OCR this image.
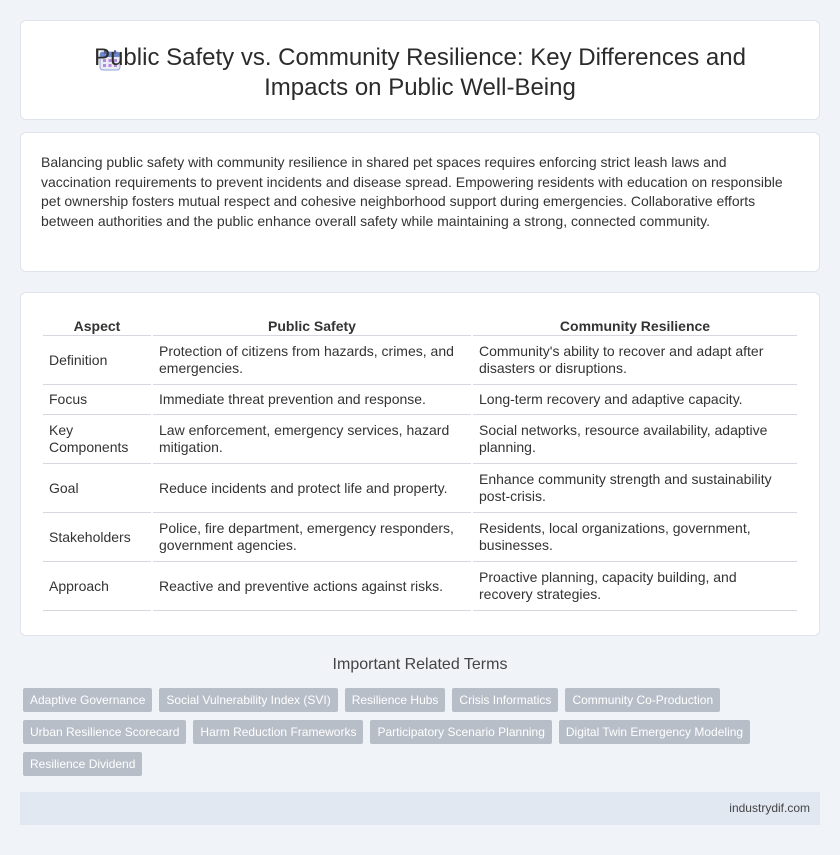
Public Safety vs. Community Resilience: Key Differences and
Impacts on Public Well-Being

Balancing public safety with community resilience in shared pet spaces requires enforcing strict leash laws and vaccination requirements to prevent incidents and disease spread. Empowering residents with education on responsible pet ownership fosters mutual respect and cohesive neighborhood support during emergencies. Collaborative efforts between authorities and the public enhance overall safety while maintaining a strong, connected community.

Aspect	Public Safety	Community Resilience
Definition	Protection of citizens from hazards, crimes, and emergencies.	Community's ability to recover and adapt after disasters or disruptions.
Focus	Immediate threat prevention and response.	Long-term recovery and adaptive capacity.
Key Components	Law enforcement, emergency services, hazard mitigation.	Social networks, resource availability, adaptive planning.
Goal	Reduce incidents and protect life and property.	Enhance community strength and sustainability post-crisis.
Stakeholders	Police, fire department, emergency responders, government agencies.	Residents, local organizations, government, businesses.
Approach	Reactive and preventive actions against risks.	Proactive planning, capacity building, and recovery strategies.
Important Related Terms
Adaptive Governance	Social Vulnerability Index (SVI)	Resilience Hubs	Crisis Informatics	Community Co-Production
Urban Resilience Scorecard	Harm Reduction Frameworks	Participatory Scenario Planning	Digital Twin Emergency Modeling
Resilience Dividend
industrydif.com
